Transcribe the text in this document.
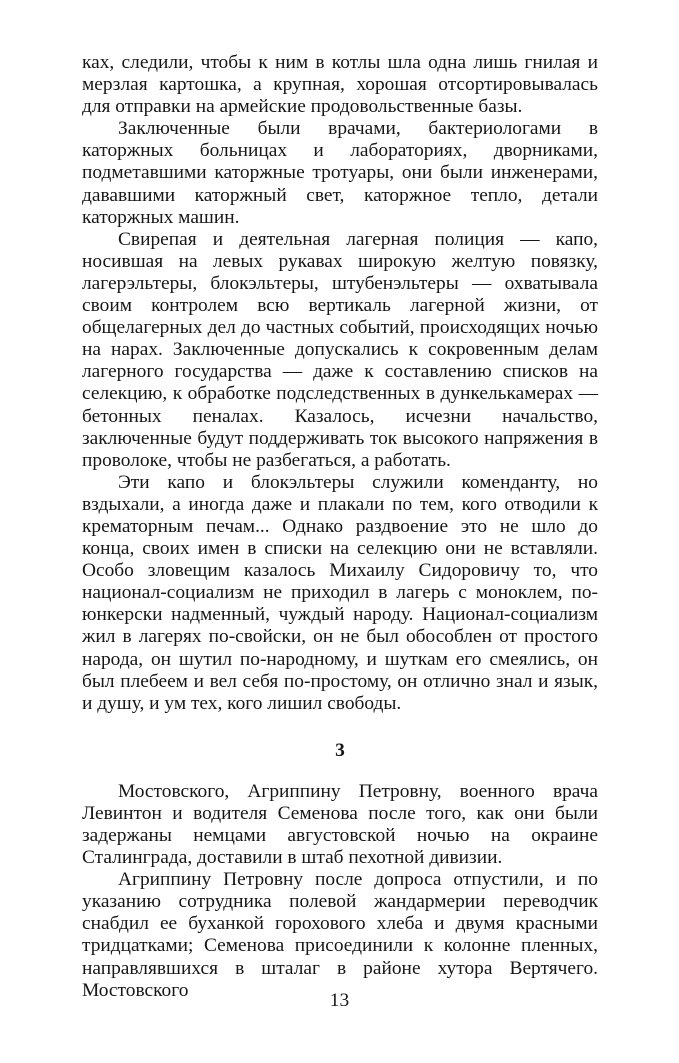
ках, следили, чтобы к ним в котлы шла одна лишь гнилая и мерзлая картошка, а крупная, хорошая отсортировывалась для отправки на армейские продовольственные базы.

Заключенные были врачами, бактериологами в каторжных больницах и лабораториях, дворниками, подметавшими каторжные тротуары, они были инженерами, дававшими каторжный свет, каторжное тепло, детали каторжных машин.

Свирепая и деятельная лагерная полиция — капо, носившая на левых рукавах широкую желтую повязку, лагерэльтеры, блокэльтеры, штубенэльтеры — охватывала своим контролем всю вертикаль лагерной жизни, от общелагерных дел до частных событий, происходящих ночью на нарах. Заключенные допускались к сокровенным делам лагерного государства — даже к составлению списков на селекцию, к обработке подследственных в дункелькамерах — бетонных пеналах. Казалось, исчезни начальство, заключенные будут поддерживать ток высокого напряжения в проволоке, чтобы не разбегаться, а работать.

Эти капо и блокэльтеры служили коменданту, но вздыхали, а иногда даже и плакали по тем, кого отводили к крематорным печам... Однако раздвоение это не шло до конца, своих имен в списки на селекцию они не вставляли. Особо зловещим казалось Михаилу Сидоровичу то, что национал-социализм не приходил в лагерь с моноклем, по-юнкерски надменный, чуждый народу. Национал-социализм жил в лагерях по-свойски, он не был обособлен от простого народа, он шутил по-народному, и шуткам его смеялись, он был плебеем и вел себя по-простому, он отлично знал и язык, и душу, и ум тех, кого лишил свободы.

3

Мостовского, Агриппину Петровну, военного врача Левинтон и водителя Семенова после того, как они были задержаны немцами августовской ночью на окраине Сталинграда, доставили в штаб пехотной дивизии.

Агриппину Петровну после допроса отпустили, и по указанию сотрудника полевой жандармерии переводчик снабдил ее буханкой горохового хлеба и двумя красными тридцатками; Семенова присоединили к колонне пленных, направлявшихся в шталаг в районе хутора Вертячего. Мостовского	13
